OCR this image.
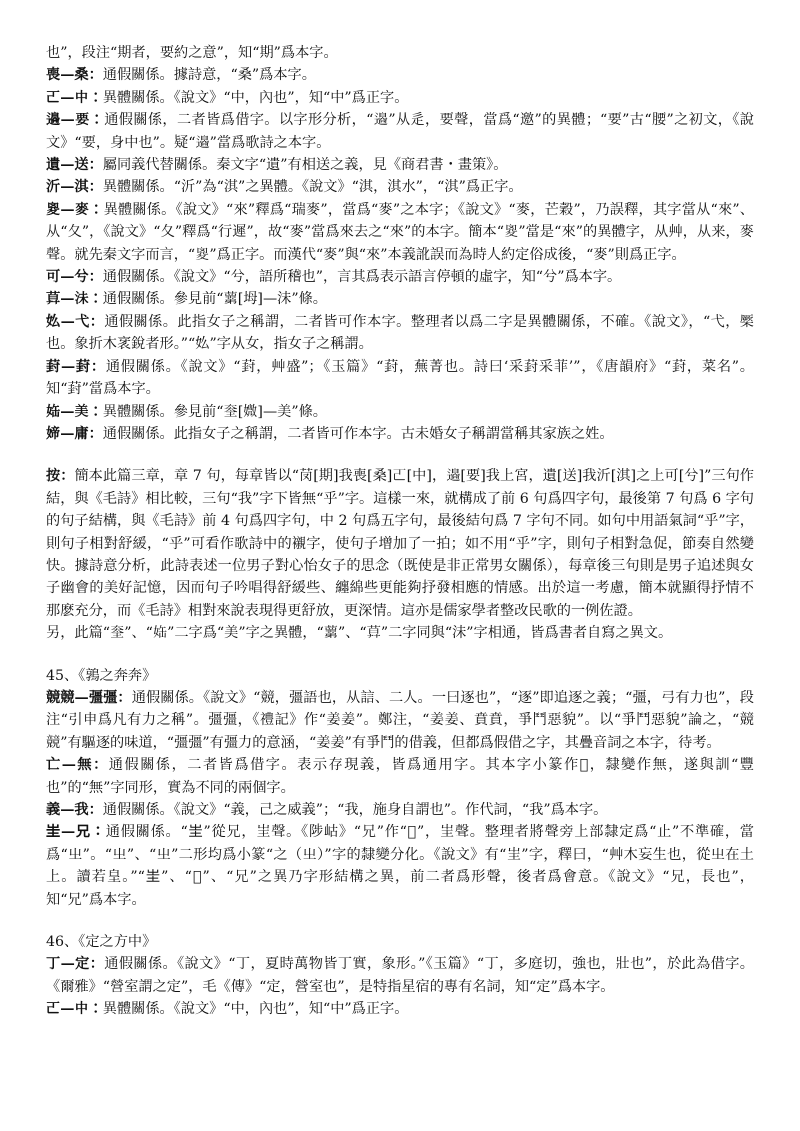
也”，段注“期者，要約之意”，知“期”爲本字。

喪—桑：通假關係。據詩意，“桑”爲本字。

𠀀—中：異體關係。《說文》“中，內也”，知“中”爲正字。

𨘢—要：通假關係，二者皆爲借字。以字形分析，“𨘢”从辵，要聲，當爲“邀”的異體；“要”古“腰”之初文，《說文》“要，身中也”。疑“𨘢”當爲歌詩之本字。

遺—送：屬同義代替關係。秦文字“遺”有相送之義，見《商君書・畫策》。

沂—淇：異體關係。“沂”為“淇”之異體。《說文》“淇，淇水”，“淇”爲正字。

𡕩—麥：異體關係。《說文》“來”釋爲“瑞麥”，當爲“麥”之本字；《說文》“麥，芒穀”，乃誤釋，其字當从“來”、从“夂”，《說文》“夂”釋爲“行遲”，故“麥”當爲來去之“來”的本字。簡本“𡕩”當是“來”的異體字，从艸，从来，麥聲。就先秦文字而言，“𡕩”爲正字。而漢代“麥”與“來”本義訛誤而為時人約定俗成後，“麥”則爲正字。

可—兮：通假關係。《說文》“兮，語所稽也”，言其爲表示語言停頓的虛字，知“兮”爲本字。

𦱤—沬：通假關係。參見前“𧃣[坶]—沬”條。

𡚸—弋：通假關係。此指女子之稱謂，二者皆可作本字。整理者以爲二字是異體關係，不確。《說文》，“弋，橜也。象折木衺銳者形。”“𡚸”字从女，指女子之稱謂。

葑—葑：通假關係。《說文》“葑，艸盛”；《玉篇》“葑，蕪菁也。詩曰‘采葑采菲’”，《唐韻府》“葑，菜名”。知“葑”當爲本字。

𡜊—美：異體關係。參見前“𡙃[媺]—美”條。

媂—庸：通假關係。此指女子之稱謂，二者皆可作本字。古未婚女子稱謂當稱其家族之姓。

按：簡本此篇三章，章 7 句，每章皆以“𦬣[期]我喪[桑]𠀀[中]，𨘢[要]我上宮，遺[送]我沂[淇]之上可[兮]”三句作結，與《毛詩》相比較，三句“我”字下皆無“乎”字。這樣一來，就構成了前 6 句爲四字句，最後第 7 句爲 6 字句的句子結構，與《毛詩》前 4 句爲四字句，中 2 句爲五字句，最後結句爲 7 字句不同。如句中用語氣詞“乎”字，則句子相對舒緩，“乎”可看作歌詩中的襯字，使句子增加了一拍；如不用“乎”字，則句子相對急促，節奏自然變快。據詩意分析，此詩表述一位男子對心怡女子的思念（既使是非正常男女關係），每章後三句則是男子追述與女子幽會的美好記憶，因而句子吟唱得舒緩些、纏綿些更能夠抒發相應的情感。出於這一考慮，簡本就顯得抒情不那麽充分，而《毛詩》相對來說表現得更舒放，更深情。這亦是儒家學者整改民歌的一例佐證。

另，此篇“𡙃”、“𡜊”二字爲“美”字之異體，“𧃣”、“𦱤”二字同與“沬”字相通，皆爲書者自寫之異文。

45、《鶉之奔奔》

競競—彊彊：通假關係。《說文》“競，彊語也，从誩、二人。一曰逐也”，“逐”即追逐之義；“彊，弓有力也”，段注“引申爲凡有力之稱”。彊彊，《禮記》作“姜姜”。鄭注，“姜姜、賁賁，爭鬥惡貌”。以“爭鬥惡貌”論之，“競競”有驅逐的味道，“彊彊”有彊力的意涵，“姜姜”有爭鬥的借義，但都爲假借之字，其疊音詞之本字，待考。

亡—無：通假關係，二者皆爲借字。表示存現義，皆爲通用字。其本字小篆作𣞤，隸變作無，遂與訓“豐也”的“無”字同形，實為不同的兩個字。

義—我：通假關係。《說文》“義，己之威義”；“我，施身自謂也”。作代詞，“我”爲本字。

𡉚—兄：通假關係。“𡉚”從兄，㞷聲。《陟岵》“兄”作“𡉥”，㞷聲。整理者將聲旁上部隸定爲“止”不準確，當爲“㞢”。“㞢”、“㞢”二形均爲小篆“之（㞢）”字的隸變分化。《說文》有“㞷”字，釋曰，“艸木妄生也，從㞢在土上。讀若皇。”“𡉚”、“𡉥”、“兄”之異乃字形結構之異，前二者爲形聲，後者爲會意。《說文》“兄，長也”，知“兄”爲本字。

46、《定之方中》

丁—定：通假關係。《說文》“丁，夏時萬物皆丁實，象形。”《玉篇》“丁，多庭切，強也，壯也”，於此為借字。《爾雅》“營室謂之定”，毛《傳》“定，營室也”，是特指星宿的專有名詞，知“定”爲本字。

𠀀—中：異體關係。《說文》“中，內也”，知“中”爲正字。
